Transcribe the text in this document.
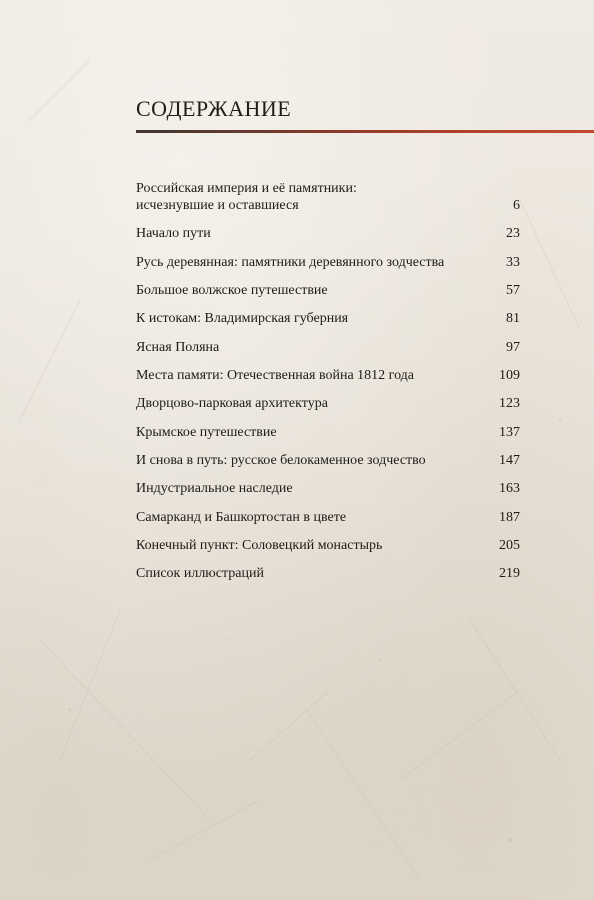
СОДЕРЖАНИЕ
Российская империя и её памятники:
исчезнувшие и оставшиеся	6
Начало пути	23
Русь деревянная: памятники деревянного зодчества	33
Большое волжское путешествие	57
К истокам: Владимирская губерния	81
Ясная Поляна	97
Места памяти: Отечественная война 1812 года	109
Дворцово-парковая архитектура	123
Крымское путешествие	137
И снова в путь: русское белокаменное зодчество	147
Индустриальное наследие	163
Самарканд и Башкортостан в цвете	187
Конечный пункт: Соловецкий монастырь	205
Список иллюстраций	219
